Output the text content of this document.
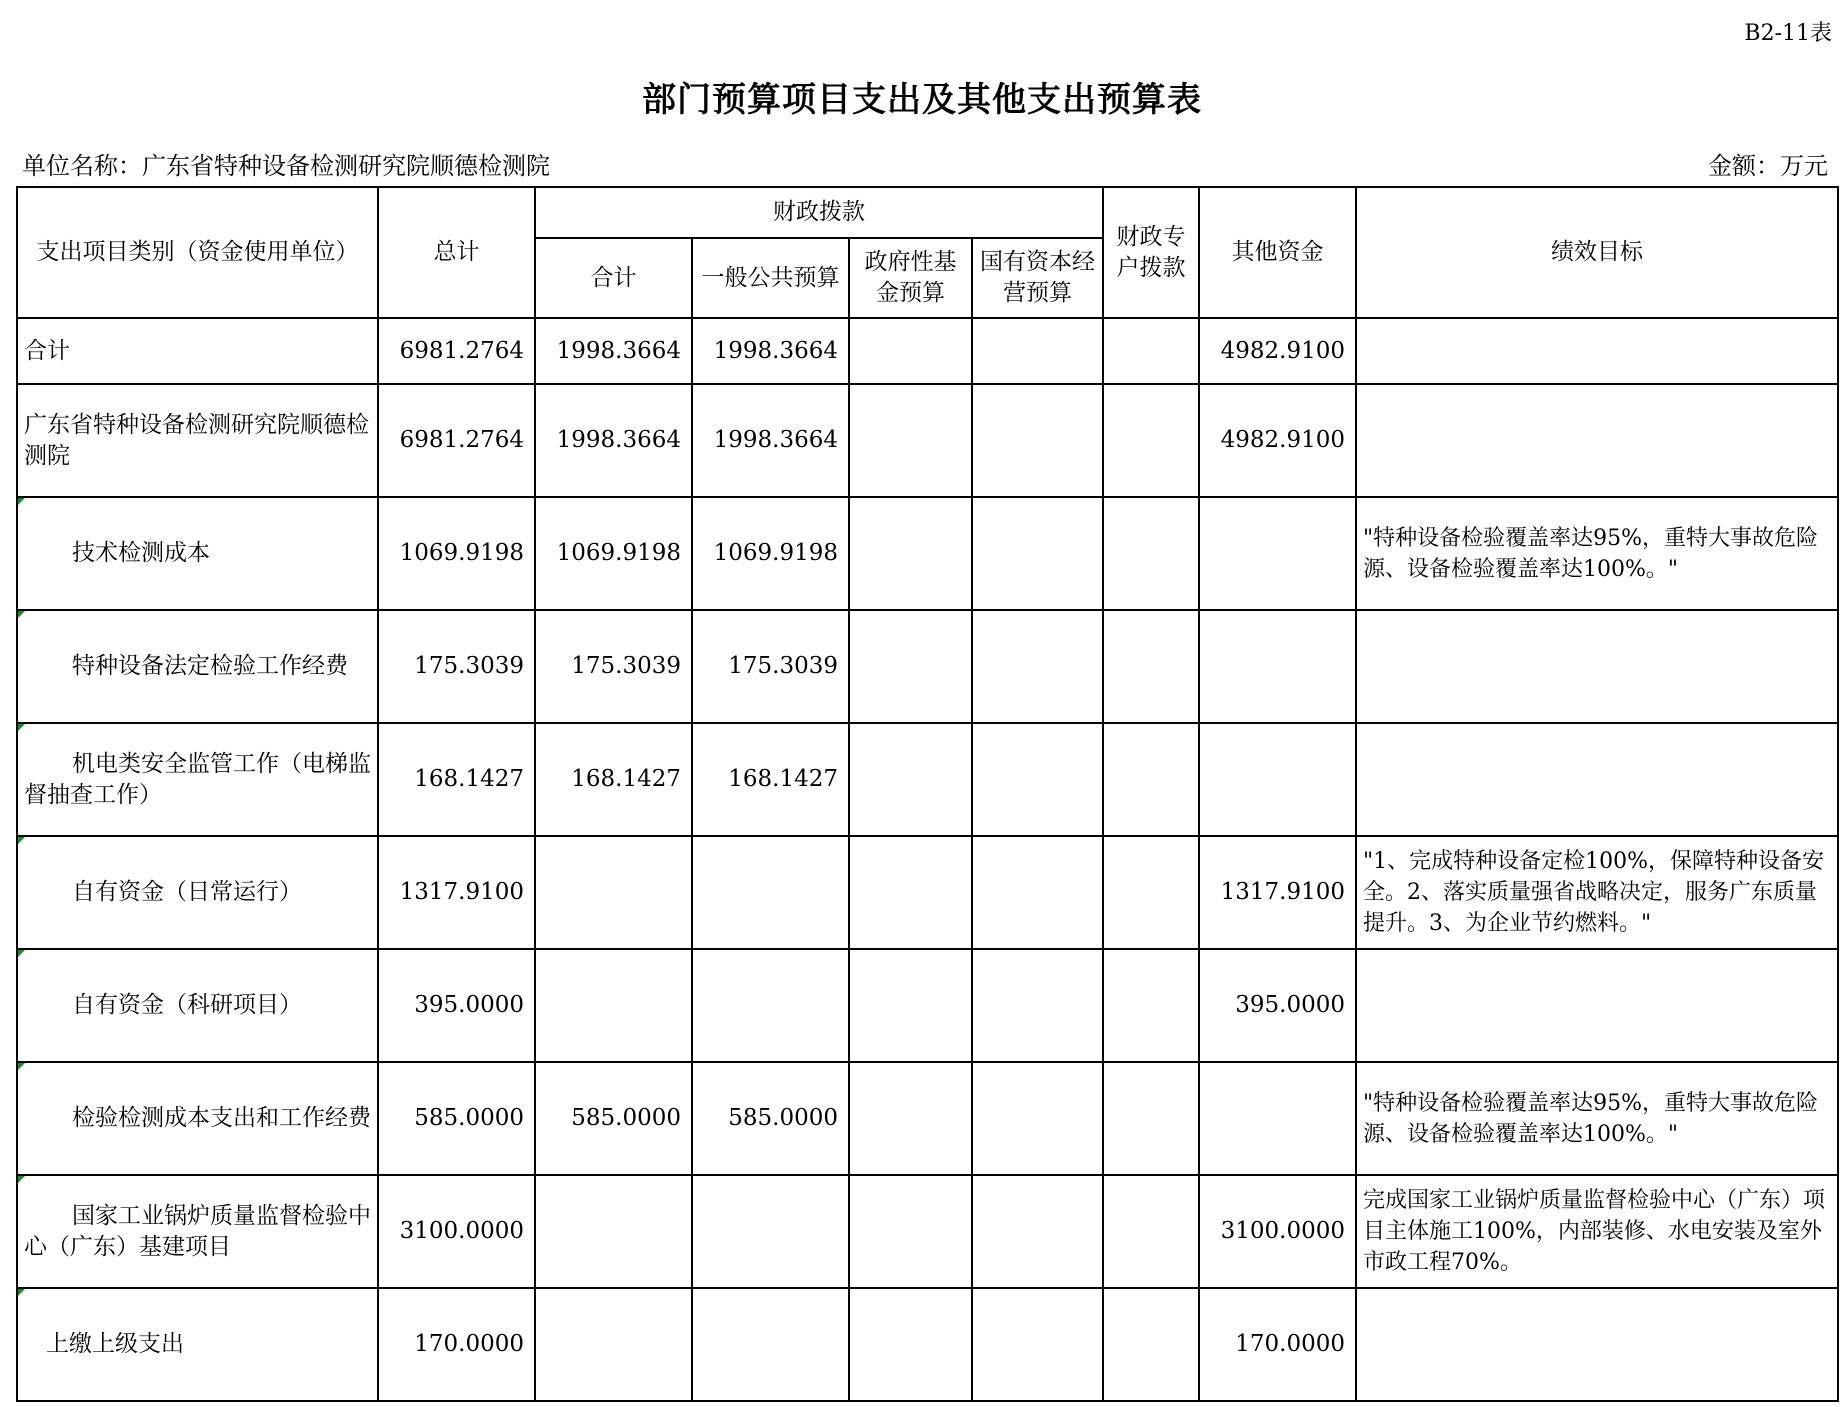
B2-11表
部门预算项目支出及其他支出预算表
单位名称：广东省特种设备检测研究院顺德检测院	金额：万元
支出项目类别（资金使用单位）	总计	财政拨款				财政专户拨款	其他资金	绩效目标
		合计	一般公共预算	政府性基金预算	国有资本经营预算			
合计	6981.2764	1998.3664	1998.3664				4982.9100	
广东省特种设备检测研究院顺德检测院	6981.2764	1998.3664	1998.3664				4982.9100	
技术检测成本	1069.9198	1069.9198	1069.9198					"特种设备检验覆盖率达95%，重特大事故危险源、设备检验覆盖率达100%。"
特种设备法定检验工作经费	175.3039	175.3039	175.3039					

机电类安全监管工作（电梯监督抽查工作）	168.1427	168.1427	168.1427					
自有资金（日常运行）	1317.9100						1317.9100	"1、完成特种设备定检100%，保障特种设备安全。2、落实质量强省战略决定，服务广东质量提升。3、为企业节约燃料。"
自有资金（科研项目）	395.0000						395.0000	

检验检测成本支出和工作经费	585.0000	585.0000	585.0000					"特种设备检验覆盖率达95%，重特大事故危险源、设备检验覆盖率达100%。"

国家工业锅炉质量监督检验中心（广东）基建项目	3100.0000						3100.0000	完成国家工业锅炉质量监督检验中心（广东）项目主体施工100%，内部装修、水电安装及室外市政工程70%。
上缴上级支出	170.0000						170.0000	
